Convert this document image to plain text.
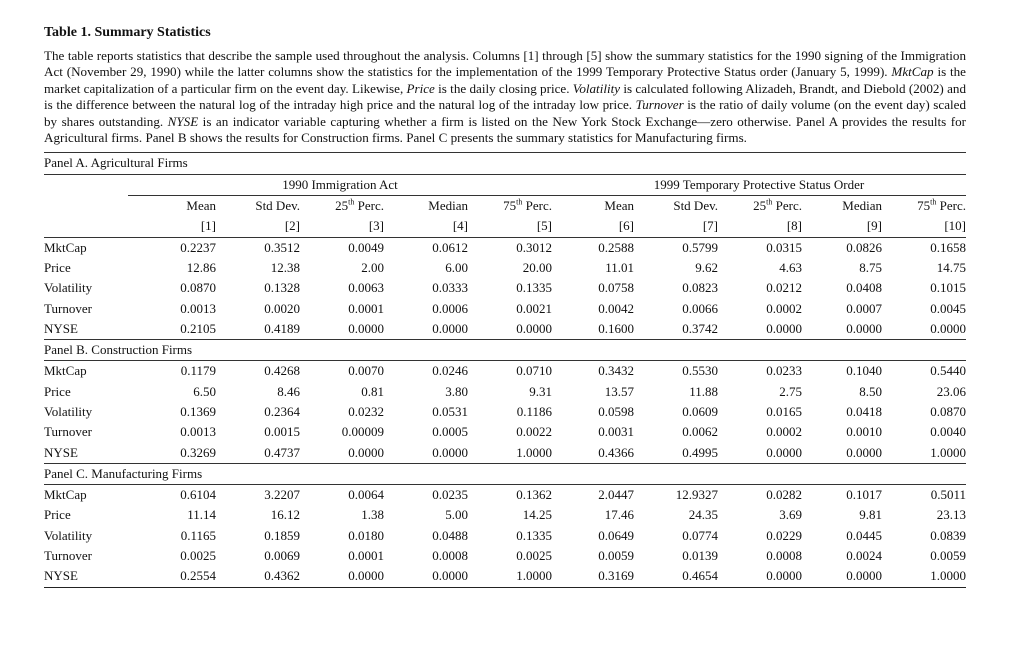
Table 1. Summary Statistics

The table reports statistics that describe the sample used throughout the analysis. Columns [1] through [5] show the summary statistics for the 1990 signing of the Immigration Act (November 29, 1990) while the latter columns show the statistics for the implementation of the 1999 Temporary Protective Status order (January 5, 1999). MktCap is the market capitalization of a particular firm on the event day. Likewise, Price is the daily closing price. Volatility is calculated following Alizadeh, Brandt, and Diebold (2002) and is the difference between the natural log of the intraday high price and the natural log of the intraday low price. Turnover is the ratio of daily volume (on the event day) scaled by shares outstanding. NYSE is an indicator variable capturing whether a firm is listed on the New York Stock Exchange—zero otherwise. Panel A provides the results for Agricultural firms. Panel B shows the results for Construction firms. Panel C presents the summary statistics for Manufacturing firms.

Panel A. Agricultural Firms										
	1990 Immigration Act					1999 Temporary Protective Status Order				
	Mean	Std Dev.	25th Perc.	Median	75th Perc.	Mean	Std Dev.	25th Perc.	Median	75th Perc.
	[1]	[2]	[3]	[4]	[5]	[6]	[7]	[8]	[9]	[10]
MktCap	0.2237	0.3512	0.0049	0.0612	0.3012	0.2588	0.5799	0.0315	0.0826	0.1658
Price	12.86	12.38	2.00	6.00	20.00	11.01	9.62	4.63	8.75	14.75
Volatility	0.0870	0.1328	0.0063	0.0333	0.1335	0.0758	0.0823	0.0212	0.0408	0.1015
Turnover	0.0013	0.0020	0.0001	0.0006	0.0021	0.0042	0.0066	0.0002	0.0007	0.0045
NYSE	0.2105	0.4189	0.0000	0.0000	0.0000	0.1600	0.3742	0.0000	0.0000	0.0000
Panel B. Construction Firms										
MktCap	0.1179	0.4268	0.0070	0.0246	0.0710	0.3432	0.5530	0.0233	0.1040	0.5440
Price	6.50	8.46	0.81	3.80	9.31	13.57	11.88	2.75	8.50	23.06
Volatility	0.1369	0.2364	0.0232	0.0531	0.1186	0.0598	0.0609	0.0165	0.0418	0.0870
Turnover	0.0013	0.0015	0.00009	0.0005	0.0022	0.0031	0.0062	0.0002	0.0010	0.0040
NYSE	0.3269	0.4737	0.0000	0.0000	1.0000	0.4366	0.4995	0.0000	0.0000	1.0000
Panel C. Manufacturing Firms										
MktCap	0.6104	3.2207	0.0064	0.0235	0.1362	2.0447	12.9327	0.0282	0.1017	0.5011
Price	11.14	16.12	1.38	5.00	14.25	17.46	24.35	3.69	9.81	23.13
Volatility	0.1165	0.1859	0.0180	0.0488	0.1335	0.0649	0.0774	0.0229	0.0445	0.0839
Turnover	0.0025	0.0069	0.0001	0.0008	0.0025	0.0059	0.0139	0.0008	0.0024	0.0059
NYSE	0.2554	0.4362	0.0000	0.0000	1.0000	0.3169	0.4654	0.0000	0.0000	1.0000
